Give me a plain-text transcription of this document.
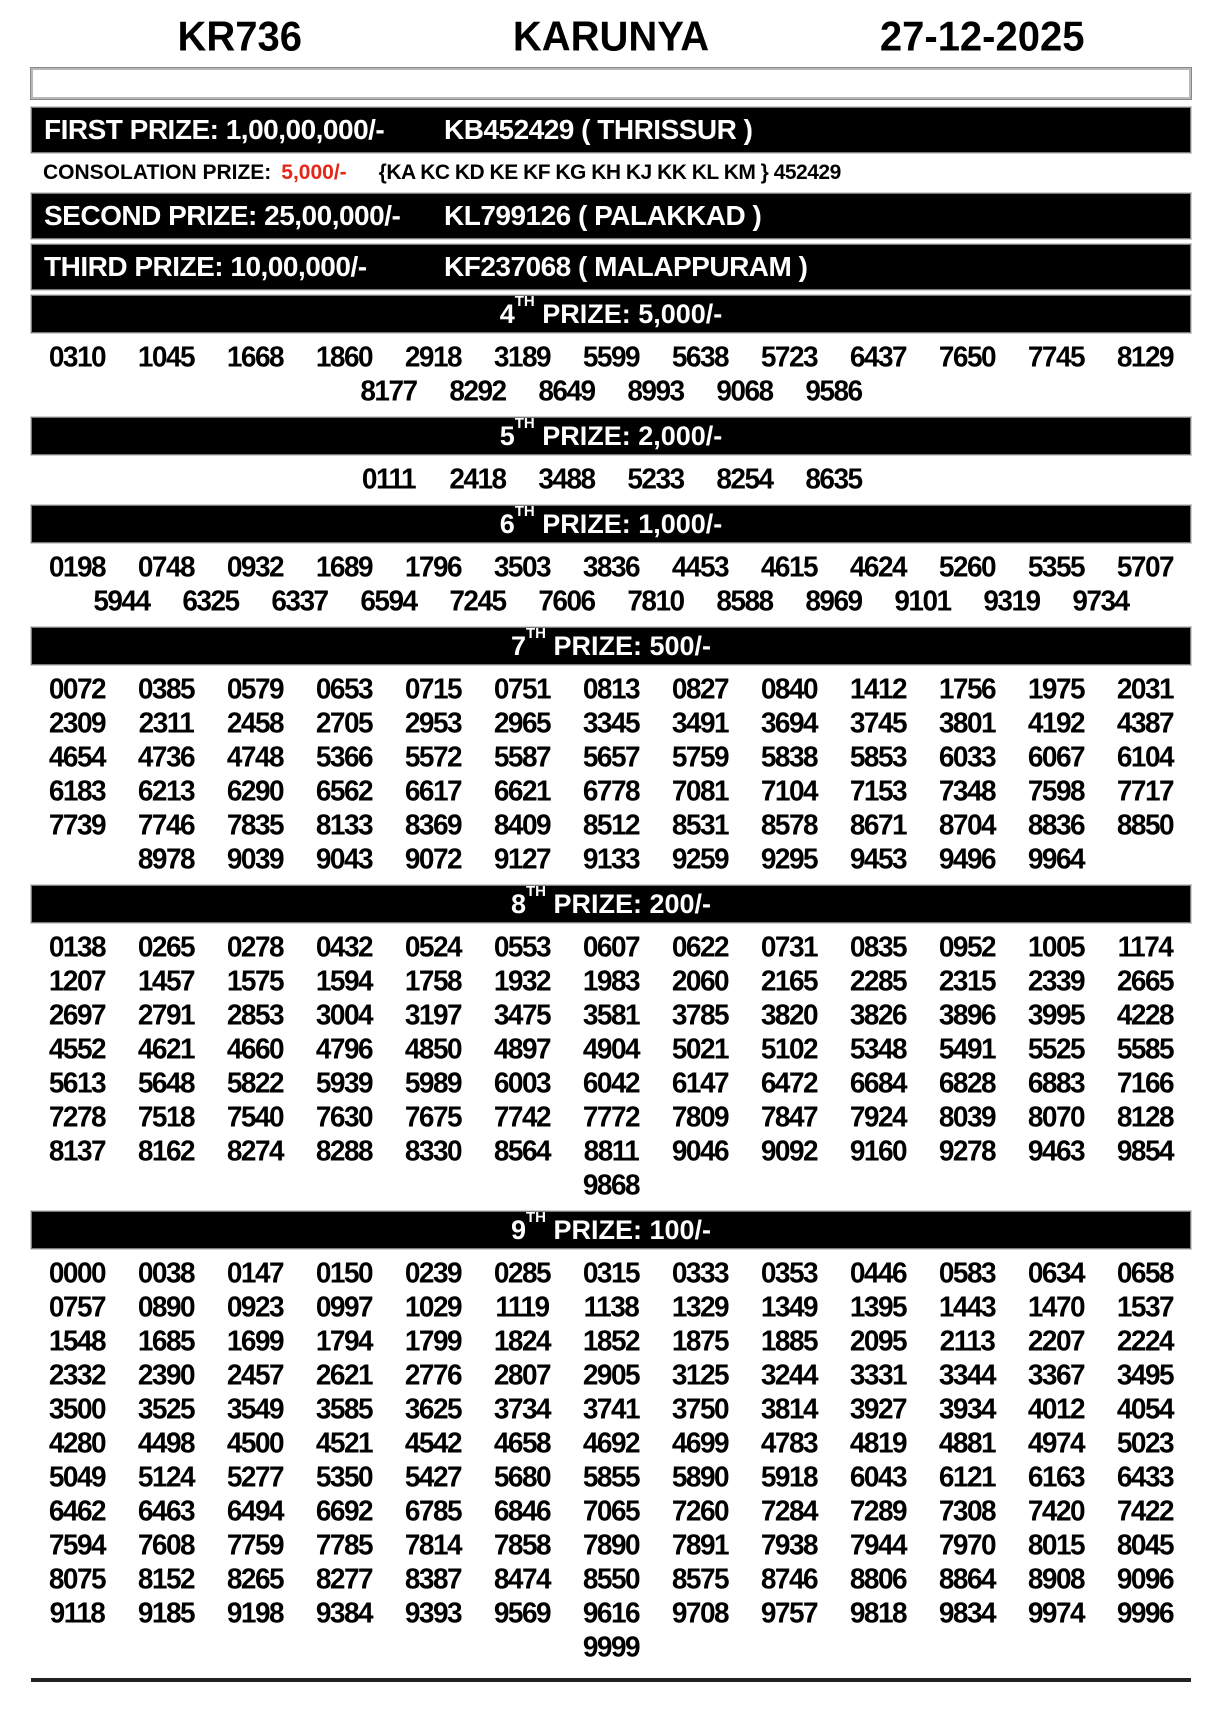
KR736	KARUNYA	27-12-2025
FIRST PRIZE: 1,00,00,000/-	KB452429 ( THRISSUR )
CONSOLATION PRIZE: 5,000/- {KA KC KD KE KF KG KH KJ KK KL KM } 452429
SECOND PRIZE: 25,00,000/-	KL799126 ( PALAKKAD )
THIRD PRIZE: 10,00,000/-	KF237068 ( MALAPPURAM )
4TH PRIZE: 5,000/-
0310	1045	1668	1860	2918	3189	5599	5638	5723	6437	7650	7745	8129
8177	8292	8649	8993	9068	9586
5TH PRIZE: 2,000/-
0111	2418	3488	5233	8254	8635
6TH PRIZE: 1,000/-
0198	0748	0932	1689	1796	3503	3836	4453	4615	4624	5260	5355	5707
5944	6325	6337	6594	7245	7606	7810	8588	8969	9101	9319	9734
7TH PRIZE: 500/-
0072	0385	0579	0653	0715	0751	0813	0827	0840	1412	1756	1975	2031
2309	2311	2458	2705	2953	2965	3345	3491	3694	3745	3801	4192	4387
4654	4736	4748	5366	5572	5587	5657	5759	5838	5853	6033	6067	6104
6183	6213	6290	6562	6617	6621	6778	7081	7104	7153	7348	7598	7717
7739	7746	7835	8133	8369	8409	8512	8531	8578	8671	8704	8836	8850
8978	9039	9043	9072	9127	9133	9259	9295	9453	9496	9964
8TH PRIZE: 200/-
0138	0265	0278	0432	0524	0553	0607	0622	0731	0835	0952	1005	1174
1207	1457	1575	1594	1758	1932	1983	2060	2165	2285	2315	2339	2665
2697	2791	2853	3004	3197	3475	3581	3785	3820	3826	3896	3995	4228
4552	4621	4660	4796	4850	4897	4904	5021	5102	5348	5491	5525	5585
5613	5648	5822	5939	5989	6003	6042	6147	6472	6684	6828	6883	7166
7278	7518	7540	7630	7675	7742	7772	7809	7847	7924	8039	8070	8128
8137	8162	8274	8288	8330	8564	8811	9046	9092	9160	9278	9463	9854
9868
9TH PRIZE: 100/-
0000	0038	0147	0150	0239	0285	0315	0333	0353	0446	0583	0634	0658
0757	0890	0923	0997	1029	1119	1138	1329	1349	1395	1443	1470	1537
1548	1685	1699	1794	1799	1824	1852	1875	1885	2095	2113	2207	2224
2332	2390	2457	2621	2776	2807	2905	3125	3244	3331	3344	3367	3495
3500	3525	3549	3585	3625	3734	3741	3750	3814	3927	3934	4012	4054
4280	4498	4500	4521	4542	4658	4692	4699	4783	4819	4881	4974	5023
5049	5124	5277	5350	5427	5680	5855	5890	5918	6043	6121	6163	6433
6462	6463	6494	6692	6785	6846	7065	7260	7284	7289	7308	7420	7422
7594	7608	7759	7785	7814	7858	7890	7891	7938	7944	7970	8015	8045
8075	8152	8265	8277	8387	8474	8550	8575	8746	8806	8864	8908	9096
9118	9185	9198	9384	9393	9569	9616	9708	9757	9818	9834	9974	9996
9999
